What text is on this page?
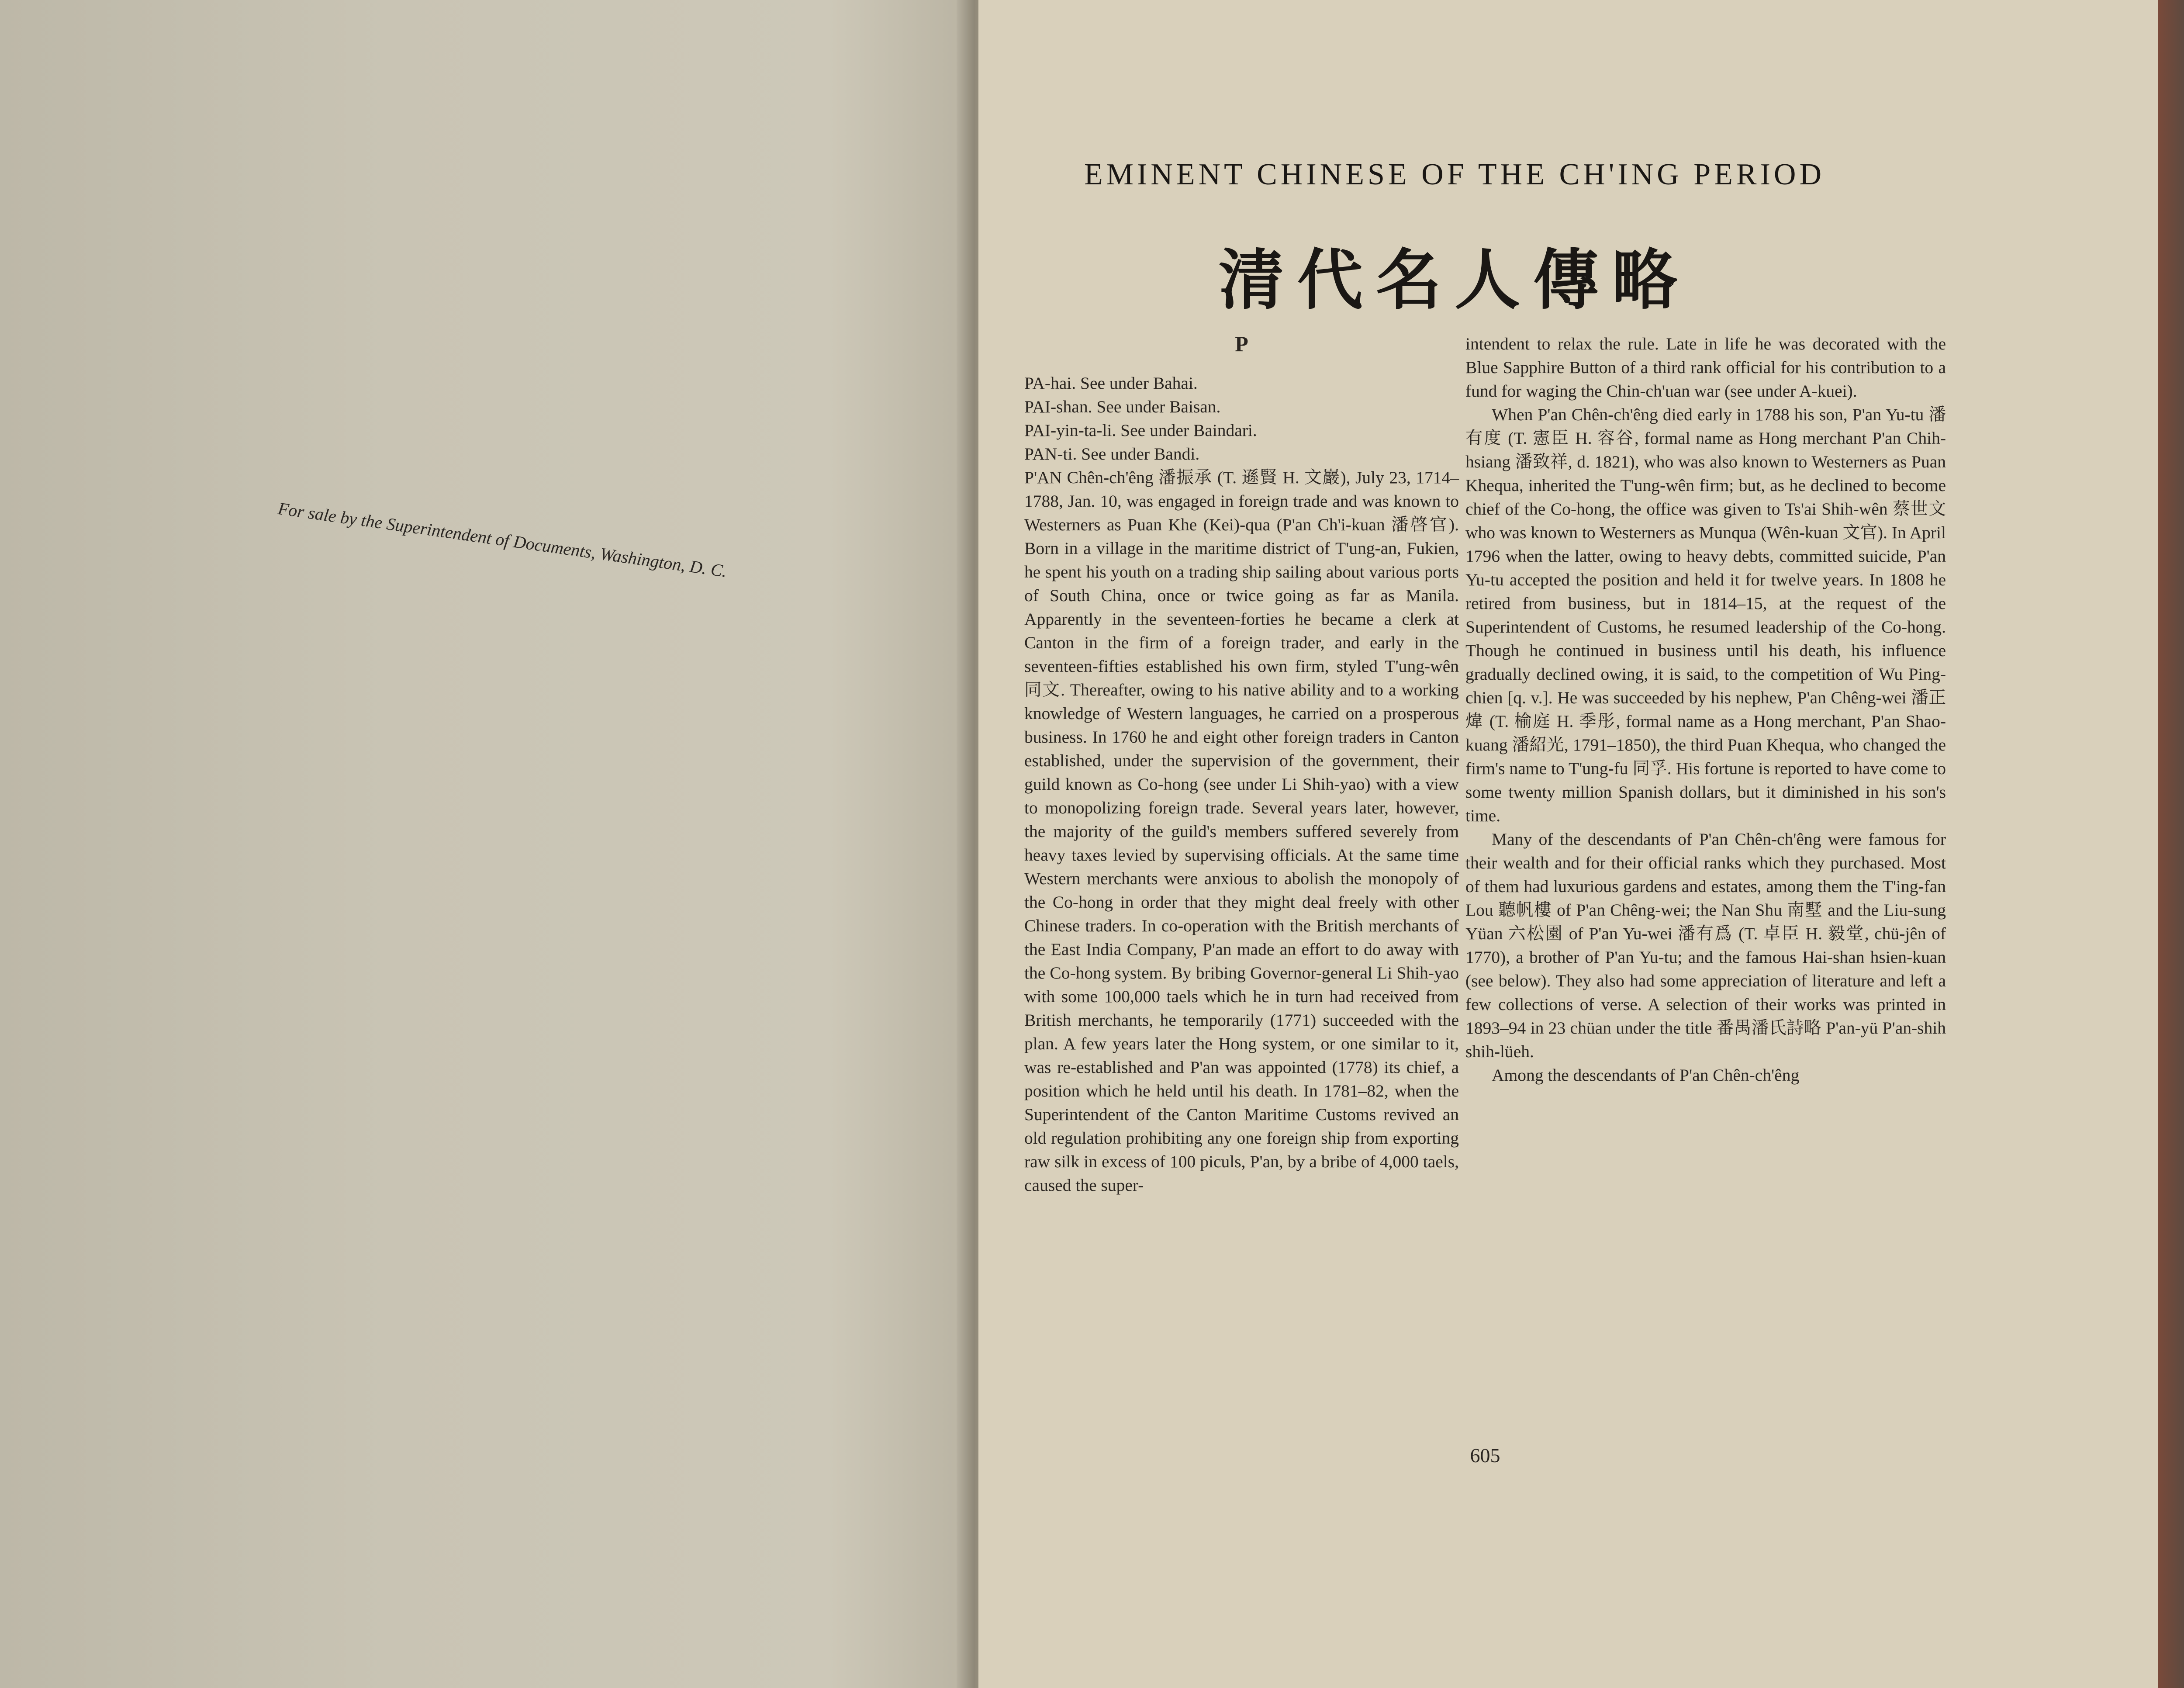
For sale by the Superintendent of Documents, Washington, D. C.
EMINENT CHINESE OF THE CH'ING PERIOD
清代名人傳略
P

PA-hai. See under Bahai.

PAI-shan. See under Baisan.

PAI-yin-ta-li. See under Baindari.

PAN-ti. See under Bandi.

P'AN Chên-ch'êng 潘振承 (T. 遜賢 H. 文巖), July 23, 1714–1788, Jan. 10, was engaged in foreign trade and was known to Westerners as Puan Khe (Kei)-qua (P'an Ch'i-kuan 潘啓官). Born in a village in the maritime district of T'ung-an, Fukien, he spent his youth on a trading ship sailing about various ports of South China, once or twice going as far as Manila. Apparently in the seventeen-forties he became a clerk at Canton in the firm of a foreign trader, and early in the seventeen-fifties established his own firm, styled T'ung-wên 同文. Thereafter, owing to his native ability and to a working knowledge of Western languages, he carried on a prosperous business. In 1760 he and eight other foreign traders in Canton established, under the supervision of the government, their guild known as Co-hong (see under Li Shih-yao) with a view to monopolizing foreign trade. Several years later, however, the majority of the guild's members suffered severely from heavy taxes levied by supervising officials. At the same time Western merchants were anxious to abolish the monopoly of the Co-hong in order that they might deal freely with other Chinese traders. In co-operation with the British merchants of the East India Company, P'an made an effort to do away with the Co-hong system. By bribing Governor-general Li Shih-yao with some 100,000 taels which he in turn had received from British merchants, he temporarily (1771) succeeded with the plan. A few years later the Hong system, or one similar to it, was re-established and P'an was appointed (1778) its chief, a position which he held until his death. In 1781–82, when the Superintendent of the Canton Maritime Customs revived an old regulation prohibiting any one foreign ship from exporting raw silk in excess of 100 piculs, P'an, by a bribe of 4,000 taels, caused the super-

intendent to relax the rule. Late in life he was decorated with the Blue Sapphire Button of a third rank official for his contribution to a fund for waging the Chin-ch'uan war (see under A-kuei).

When P'an Chên-ch'êng died early in 1788 his son, P'an Yu-tu 潘有度 (T. 憲臣 H. 容谷, formal name as Hong merchant P'an Chih-hsiang 潘致祥, d. 1821), who was also known to Westerners as Puan Khequa, inherited the T'ung-wên firm; but, as he declined to become chief of the Co-hong, the office was given to Ts'ai Shih-wên 蔡世文 who was known to Westerners as Munqua (Wên-kuan 文官). In April 1796 when the latter, owing to heavy debts, committed suicide, P'an Yu-tu accepted the position and held it for twelve years. In 1808 he retired from business, but in 1814–15, at the request of the Superintendent of Customs, he resumed leadership of the Co-hong. Though he continued in business until his death, his influence gradually declined owing, it is said, to the competition of Wu Ping-chien [q. v.]. He was succeeded by his nephew, P'an Chêng-wei 潘正煒 (T. 榆庭 H. 季彤, formal name as a Hong merchant, P'an Shao-kuang 潘紹光, 1791–1850), the third Puan Khequa, who changed the firm's name to T'ung-fu 同孚. His fortune is reported to have come to some twenty million Spanish dollars, but it diminished in his son's time.

Many of the descendants of P'an Chên-ch'êng were famous for their wealth and for their official ranks which they purchased. Most of them had luxurious gardens and estates, among them the T'ing-fan Lou 聽帆樓 of P'an Chêng-wei; the Nan Shu 南墅 and the Liu-sung Yüan 六松園 of P'an Yu-wei 潘有爲 (T. 卓臣 H. 毅堂, chü-jên of 1770), a brother of P'an Yu-tu; and the famous Hai-shan hsien-kuan (see below). They also had some appreciation of literature and left a few collections of verse. A selection of their works was printed in 1893–94 in 23 chüan under the title 番禺潘氏詩略 P'an-yü P'an-shih shih-lüeh.

Among the descendants of P'an Chên-ch'êng

605
